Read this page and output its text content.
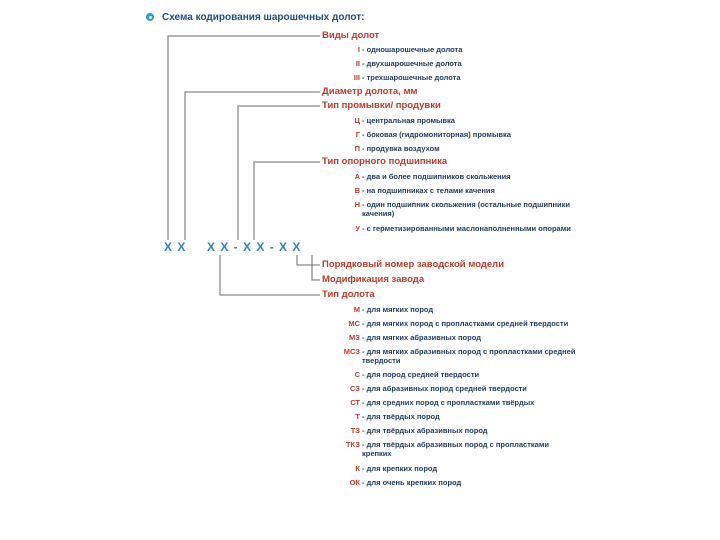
Схема кодирования шарошечных долот:
Х Х Х Х - Х Х - Х Х
Виды долот
I - одношарошечные долота
II - двухшарошечные долота
III - трехшарошечные долота
Диаметр долота, мм
Тип промывки/ продувки
Ц - центральная промывка
Г - боковая (гидромониторная) промывка
П - продувка воздухом
Тип опорного подшипника
А - два и более подшипников скольжения
В - на подшипниках с телами качения
Н - один подшипник скольжения (остальные подшипники качения)
У - с герметизированными маслонаполненными опорами
Порядковый номер заводской модели
Модификация завода
Тип долота
М - для мягких пород
МС - для мягких пород с пропластками средней твердости
МЗ - для мягких абразивных пород
МСЗ - для мягких абразивных пород с пропластками средней твердости
С - для пород средней твердости
СЗ - для абразивных пород средней твердости
СТ - для средних пород с пропластками твёрдых
Т - для твёрдых пород
ТЗ - для твёрдых абразивных пород
ТКЗ - для твёрдых абразивных пород с пропластками крепких
К - для крепких пород
ОК - для очень крепких пород
